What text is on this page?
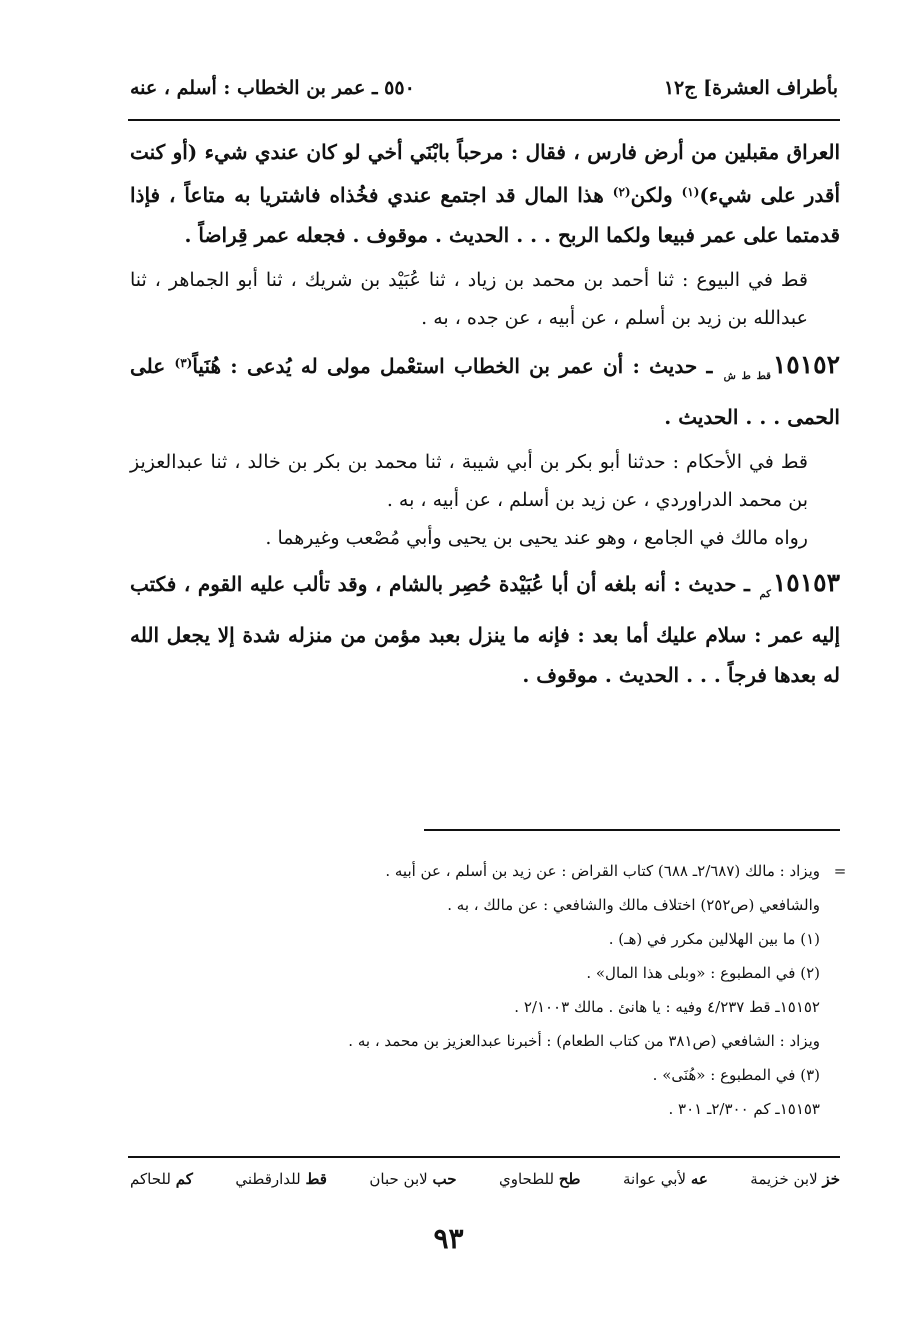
بأطراف العشرة] ج١٢
٥٥٠ ـ عمر بن الخطاب : أسلم ، عنه

العراق مقبلين من أرض فارس ، فقال : مرحباً بابْنَي أخي لو كان عندي شيء (أو كنت أقدر على شيء)$^{(١)}$ ولكن$^{(٢)}$ هذا المال قد اجتمع عندي فخُذاه فاشتريا به متاعاً ، فإذا قدمتما على عمر فبيعا ولكما الربح . . . الحديث . موقوف . فجعله عمر قِراضاً .

قط في البيوع : ثنا أحمد بن محمد بن زياد ، ثنا عُبَيْد بن شريك ، ثنا أبو الجماهر ، ثنا عبدالله بن زيد بن أسلم ، عن أبيه ، عن جده ، به .

$١٥١٥٢_{قط ط ش}$ ـ حديث : أن عمر بن الخطاب استعْمل مولى له يُدعى : هُنَياً$^{(٣)}$ على الحمى . . . الحديث .

قط في الأحكام : حدثنا أبو بكر بن أبي شيبة ، ثنا محمد بن بكر بن خالد ، ثنا عبدالعزيز بن محمد الدراوردي ، عن زيد بن أسلم ، عن أبيه ، به .

رواه مالك في الجامع ، وهو عند يحيى بن يحيى وأبي مُصْعب وغيرهما .

$١٥١٥٣_{كم}$ ـ حديث : أنه بلغه أن أبا عُبَيْدة حُصِر بالشام ، وقد تألب عليه القوم ، فكتب إليه عمر : سلام عليك أما بعد : فإنه ما ينزل بعبد مؤمن من منزله شدة إلا يجعل الله له بعدها فرجاً . . . الحديث . موقوف .

=ويزاد : مالك (٢/٦٨٧ـ ٦٨٨) كتاب القراض : عن زيد بن أسلم ، عن أبيه .
والشافعي (ص٢٥٢) اختلاف مالك والشافعي : عن مالك ، به .
(١) ما بين الهلالين مكرر في (هـ) .
(٢) في المطبوع : «وبلى هذا المال» .
١٥١٥٢ـ قط ٤/٢٣٧ وفيه : يا هانئ . مالك ٢/١٠٠٣ .
ويزاد : الشافعي (ص٣٨١ من كتاب الطعام) : أخبرنا عبدالعزيز بن محمد ، به .
(٣) في المطبوع : «هُنَى» .
١٥١٥٣ـ كم ٢/٣٠٠ـ ٣٠١ .
خز لابن خزيمة
عه لأبي عوانة
طح للطحاوي
حب لابن حبان
قط للدارقطني
كم للحاكم
٩٣
